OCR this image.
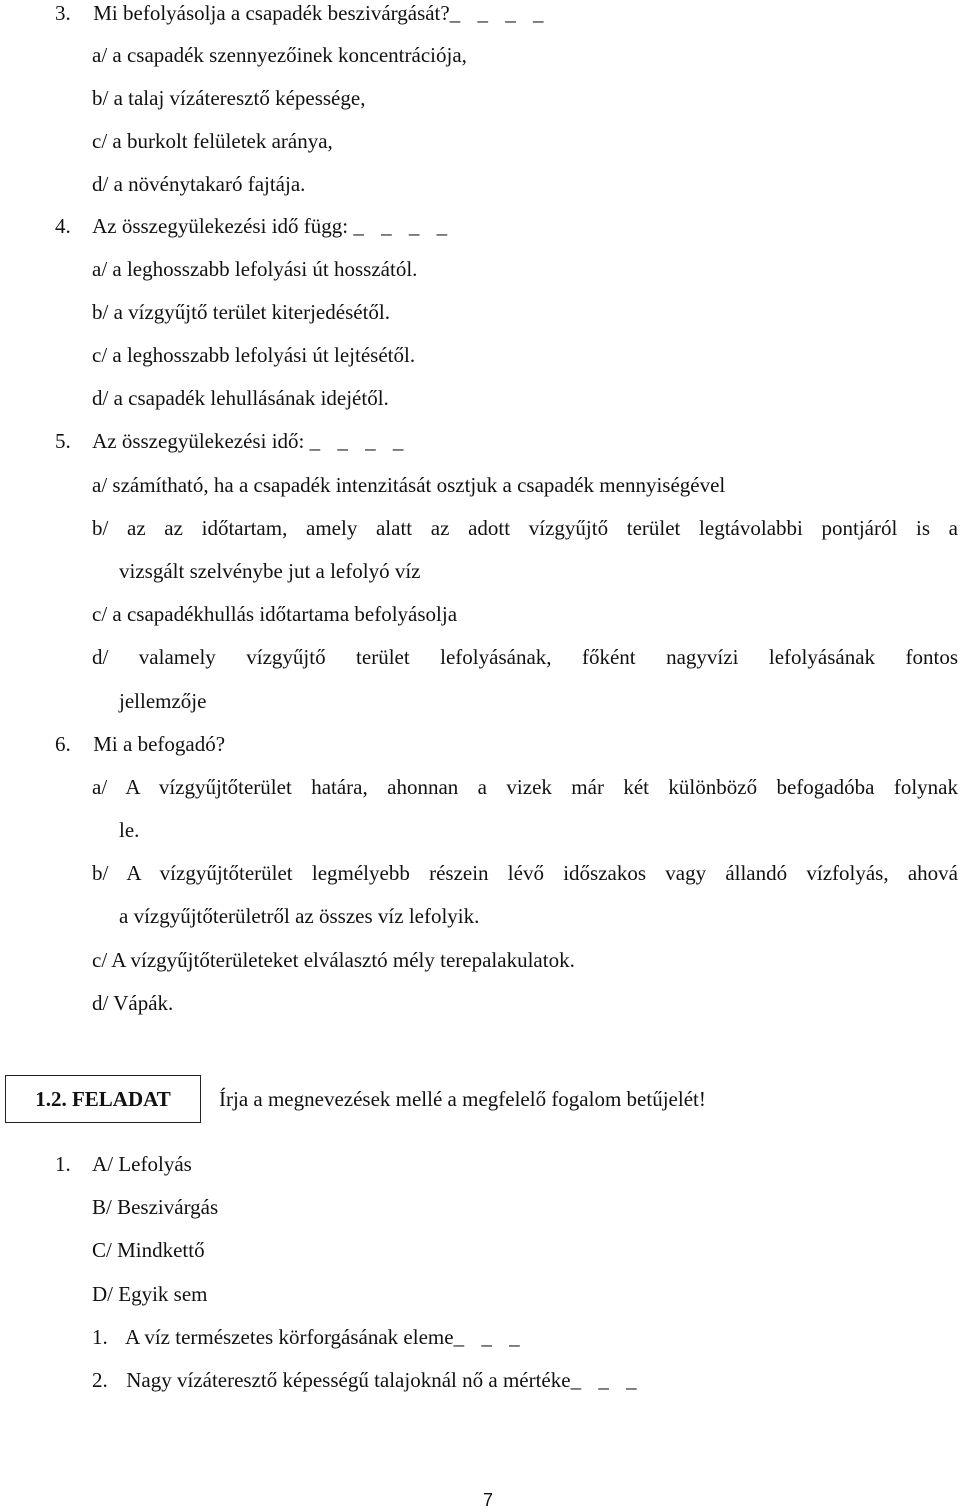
3. Mi befolyásolja a csapadék beszivárgását?_ _ _ _
a/ a csapadék szennyezőinek koncentrációja,
b/ a talaj vízáteresztő képessége,
c/ a burkolt felületek aránya,
d/ a növénytakaró fajtája.
4. Az összegyülekezési idő függ: _ _ _ _
a/ a leghosszabb lefolyási út hosszától.
b/ a vízgyűjtő terület kiterjedésétől.
c/ a leghosszabb lefolyási út lejtésétől.
d/ a csapadék lehullásának idejétől.
5. Az összegyülekezési idő: _ _ _ _
a/ számítható, ha a csapadék intenzitását osztjuk a csapadék mennyiségével
b/ az az időtartam, amely alatt az adott vízgyűjtő terület legtávolabbi pontjáról is a
vizsgált szelvénybe jut a lefolyó víz
c/ a csapadékhullás időtartama befolyásolja
d/ valamely vízgyűjtő terület lefolyásának, főként nagyvízi lefolyásának fontos
jellemzője
6. Mi a befogadó?
a/ A vízgyűjtőterület határa, ahonnan a vizek már két különböző befogadóba folynak
le.
b/ A vízgyűjtőterület legmélyebb részein lévő időszakos vagy állandó vízfolyás, ahová
a vízgyűjtőterületről az összes víz lefolyik.
c/ A vízgyűjtőterületeket elválasztó mély terepalakulatok.
d/ Vápák.
1.2. FELADAT Írja a megnevezések mellé a megfelelő fogalom betűjelét!
1. A/ Lefolyás
B/ Beszivárgás
C/ Mindkettő
D/ Egyik sem
1. A víz természetes körforgásának eleme_ _ _
2. Nagy vízáteresztő képességű talajoknál nő a mértéke_ _ _
7
